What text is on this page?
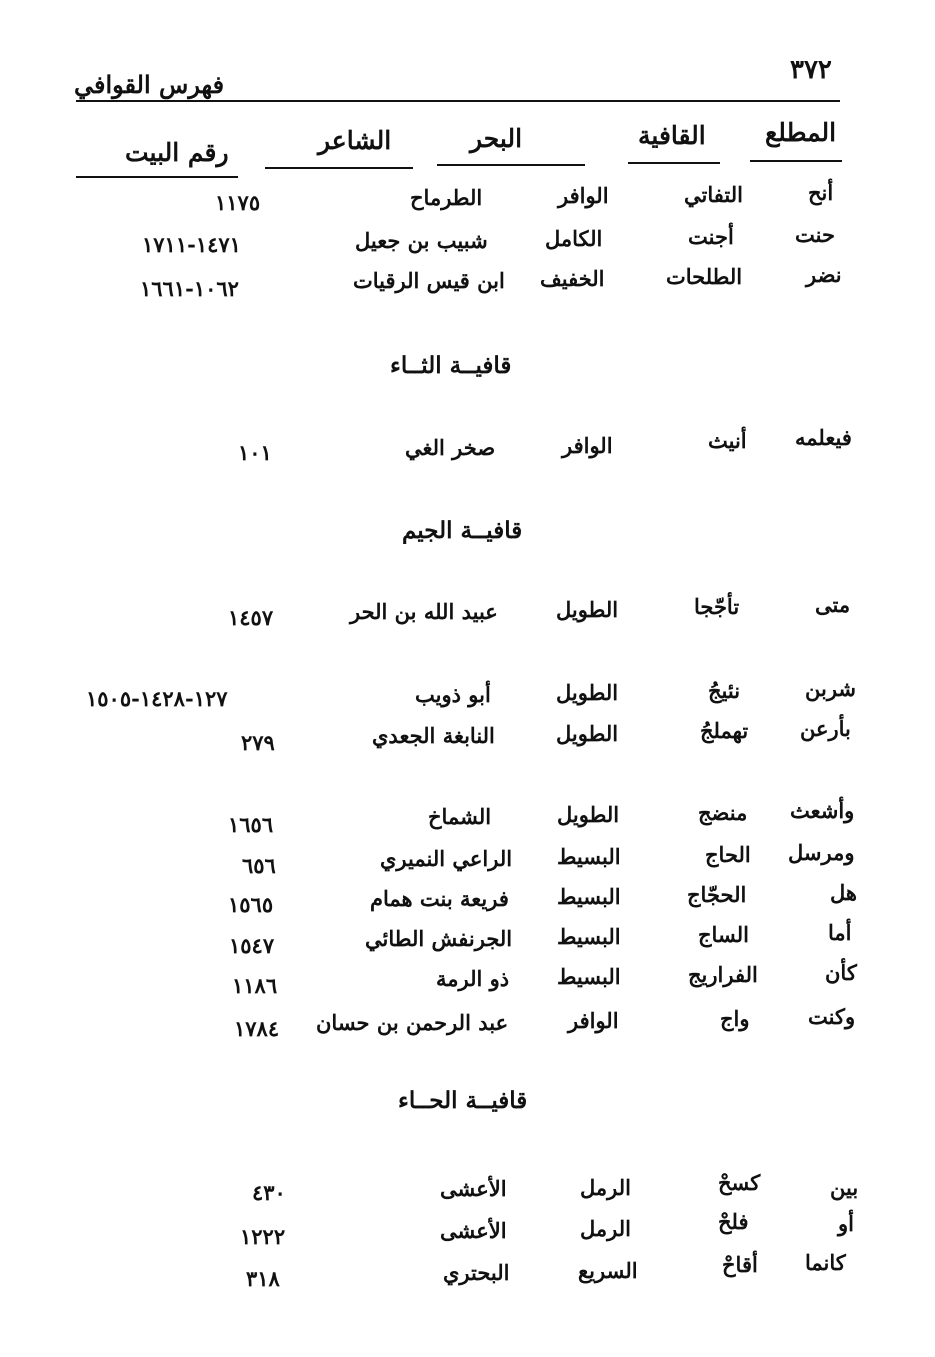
٣٧٢
فهرس القوافي
المطلع
القافية
البحر
الشاعر
رقم البيت
أنح
التفاتي
الوافر
الطرماح
١١٧٥
حنت
أجنت
الكامل
شبيب بن جعيل
١٤٧١-١٧١١
نضر
الطلحات
الخفيف
ابن قيس الرقيات
١٠٦٢-١٦٦١
قافيــة الثــاء
فيعلمه
أنيث
الوافر
صخر الغي
١٠١
قافيــة الجيم
متى
تأجّجا
الطويل
عبيد الله بن الحر
١٤٥٧
شربن
نئيجُ
الطويل
أبو ذويب
١٢٧-١٤٢٨-١٥٠٥
بأرعن
تهملجُ
الطويل
النابغة الجعدي
٢٧٩
وأشعث
منضج
الطويل
الشماخ
١٦٥٦
ومرسل
الحاج
البسيط
الراعي النميري
٦٥٦
هل
الحجّاج
البسيط
فريعة بنت همام
١٥٦٥
أما
الساج
البسيط
الجرنفش الطائي
١٥٤٧
كأن
الفراريج
البسيط
ذو الرمة
١١٨٦
وكنت
واج
الوافر
عبد الرحمن بن حسان
١٧٨٤
قافيــة الحــاء
بين
كسحْ
الرمل
الأعشى
٤٣٠
أو
فلحْ
الرمل
الأعشى
١٢٢٢
كانما
أقاحْ
السريع
البحتري
٣١٨
